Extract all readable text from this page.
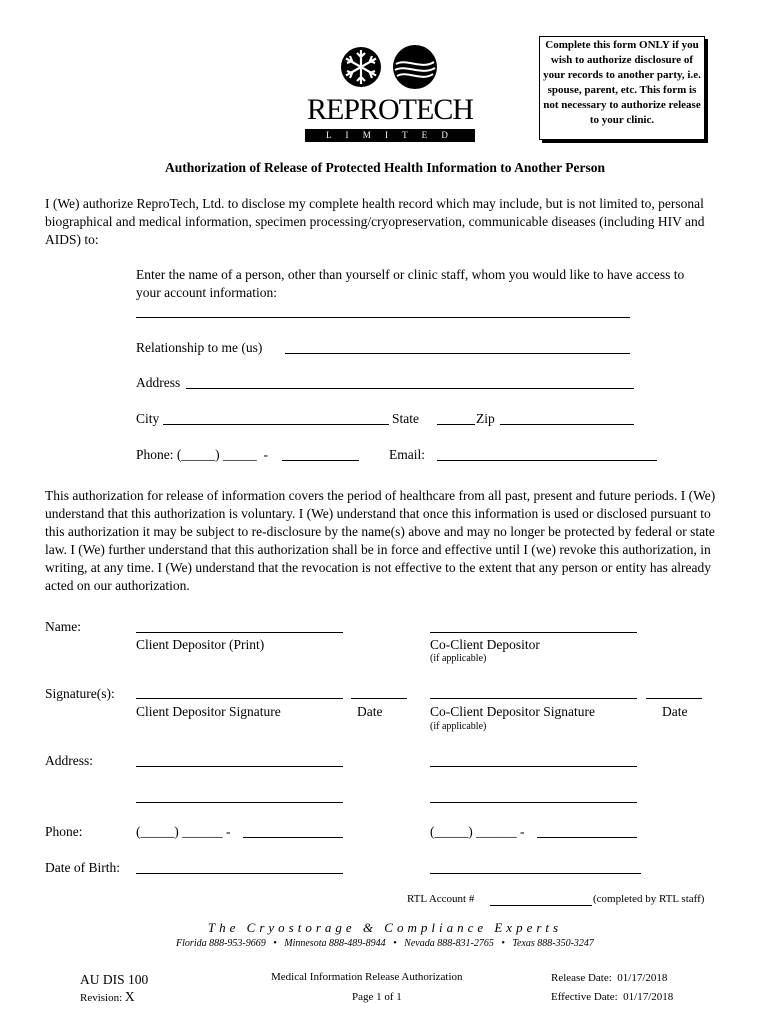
REPROTECH
L I M I T E D
Complete this form ONLY if you wish to authorize disclosure of your records to another party, i.e. spouse, parent, etc. This form is not necessary to authorize release to your clinic.
Authorization of Release of Protected Health Information to Another Person
I (We) authorize ReproTech, Ltd. to disclose my complete health record which may include, but is not limited to, personal biographical and medical information, specimen processing/cryopreservation, communicable diseases (including HIV and AIDS) to:
Enter the name of a person, other than yourself or clinic staff, whom you would like to have access to your account information:
Relationship to me (us)
Address
City	State	Zip
Phone: (_____) _____  -	Email:
This authorization for release of information covers the period of healthcare from all past, present and future periods. I (We) understand that this authorization is voluntary. I (We) understand that once this information is used or disclosed pursuant to this authorization it may be subject to re-disclosure by the name(s) above and may no longer be protected by federal or state law. I (We) further understand that this authorization shall be in force and effective until I (we) revoke this authorization, in writing, at any time. I (We) understand that the revocation is not effective to the extent that any person or entity has already acted on our authorization.
Name:
Client Depositor (Print)	Co-Client Depositor
(if applicable)
Signature(s):
Client Depositor Signature	Date	Co-Client Depositor Signature	Date
(if applicable)
Address:
Phone:	(_____) ______ -	(_____) ______ -
Date of Birth:
RTL Account #	(completed by RTL staff)
The Cryostorage & Compliance Experts
Florida 888-953-9669   •   Minnesota 888-489-8944   •   Nevada 888-831-2765   •   Texas 888-350-3247
AU DIS 100
Revision: X
Medical Information Release Authorization
Page 1 of 1
Release Date:  01/17/2018
Effective Date:  01/17/2018
